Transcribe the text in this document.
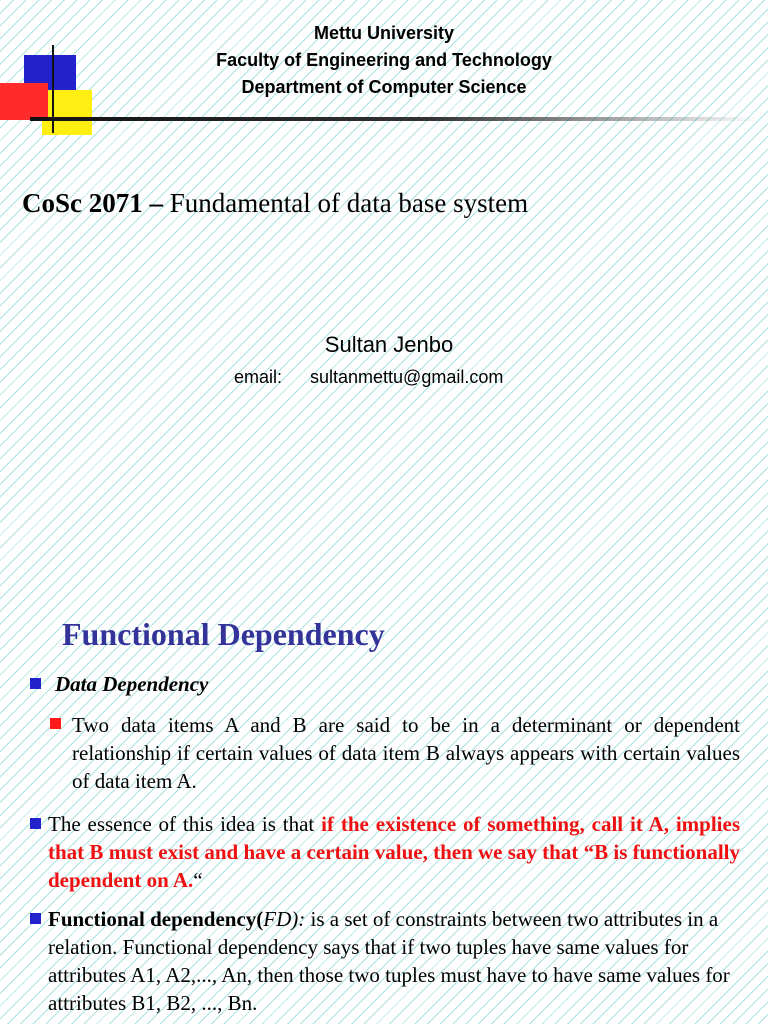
Mettu University
Faculty of Engineering and Technology
Department of Computer Science
CoSc 2071 – Fundamental of data base system
Sultan Jenbo
email: sultanmettu@gmail.com
Functional Dependency
Data Dependency
Two data items A and B are said to be in a determinant or dependent relationship if certain values of data item B always appears with certain values of data item A.
The essence of this idea is that if the existence of something, call it A, implies that B must exist and have a certain value, then we say that “B is functionally dependent on A.“
Functional dependency(FD): is a set of constraints between two attributes in a relation. Functional dependency says that if two tuples have same values for attributes A1, A2,..., An, then those two tuples must have to have same values for attributes B1, B2, ..., Bn.
